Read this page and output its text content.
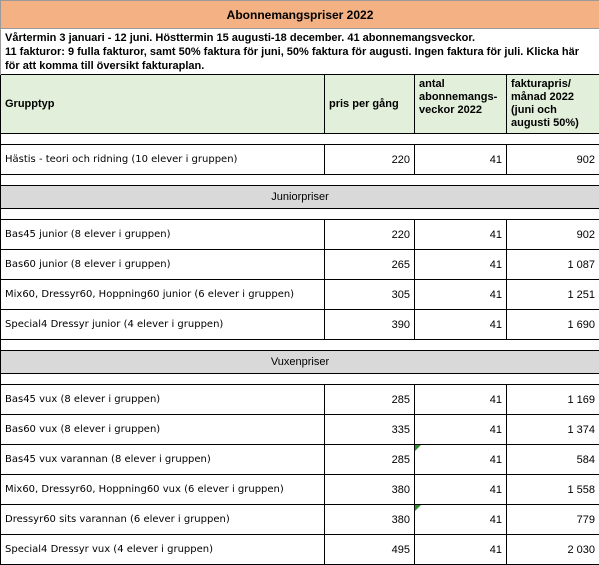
Abonnemangspriser 2022			

Vårtermin 3 januari - 12 juni. Hösttermin 15 augusti-18 december. 41 abonnemangsveckor.
11 fakturor: 9 fulla fakturor, samt 50% faktura för juni, 50% faktura för augusti. Ingen faktura för juli. Klicka här för att komma till översikt fakturaplan.			

Grupptyp	pris per gång	antal abonnemangs-veckor 2022	fakturapris/ månad 2022 (juni och augusti 50%)

Hästis - teori och ridning (10 elever i gruppen)	220	41	902

Juniorpriser			

Bas45 junior (8 elever i gruppen)	220	41	902
Bas60 junior (8 elever i gruppen)	265	41	1 087
Mix60, Dressyr60, Hoppning60 junior (6 elever i gruppen)	305	41	1 251
Special4 Dressyr junior (4 elever i gruppen)	390	41	1 690

Vuxenpriser			

Bas45 vux (8 elever i gruppen)	285	41	1 169
Bas60 vux (8 elever i gruppen)	335	41	1 374
Bas45 vux varannan (8 elever i gruppen)	285	41	584
Mix60, Dressyr60, Hoppning60 vux (6 elever i gruppen)	380	41	1 558
Dressyr60 sits varannan (6 elever i gruppen)	380	41	779
Special4 Dressyr vux (4 elever i gruppen)	495	41	2 030
